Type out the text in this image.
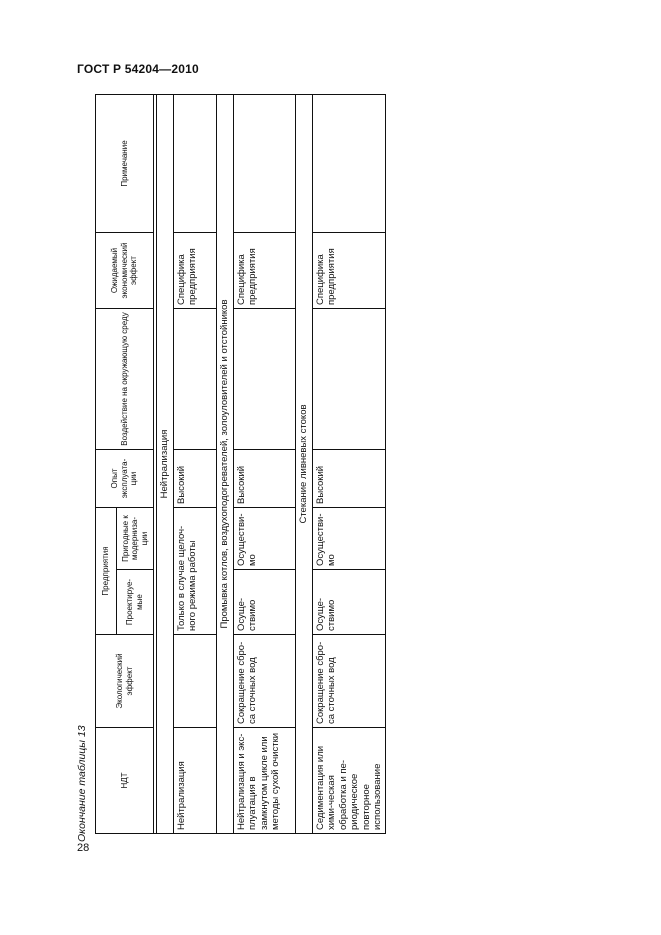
ГОСТ Р 54204—2010
Окончание таблицы 13
28
НДТ	Экологический эффект	Предприятия		Опыт эксплуата-ции	Воздействие на окружающую среду	Ожидаемый экономический эффект	Примечание
		Проектируе-мые	Пригодные к модерниза-ции				

Нейтрализация							
Нейтрализация		Только в случае щелоч-ного режима работы		Высокий		Специфика предприятия	
Промывка котлов, воздухоподогревателей, золоуловителей и отстойников							
Нейтрализация и экс-плуатация в замкнутом цикле или методы сухой очистки	Сокращение сбро-са сточных вод	Осуще-ствимо	Осуществи-мо	Высокий		Специфика предприятия	
Стекание ливневых стоков							
Седиментация или хими-ческая обработка и пе-риодическое повторное использование	Сокращение сбро-са сточных вод	Осуще-ствимо	Осуществи-мо	Высокий		Специфика предприятия	
